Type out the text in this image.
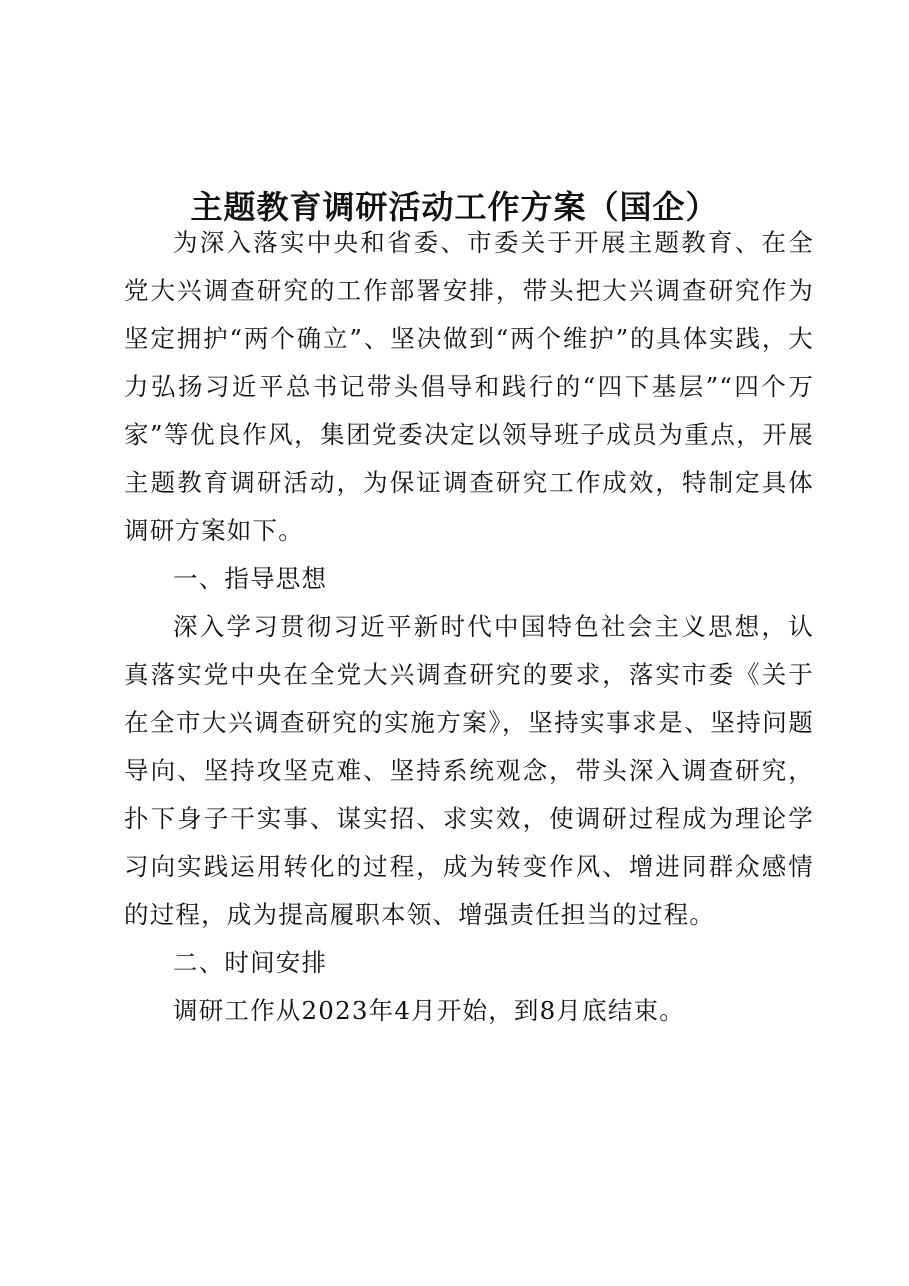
主题教育调研活动工作方案（国企）

为深入落实中央和省委、市委关于开展主题教育、在全党大兴调查研究的工作部署安排，带头把大兴调查研究作为坚定拥护“两个确立”、坚决做到“两个维护”的具体实践，大力弘扬习近平总书记带头倡导和践行的“四下基层”“四个万家”等优良作风，集团党委决定以领导班子成员为重点，开展主题教育调研活动，为保证调查研究工作成效，特制定具体调研方案如下。

一、指导思想

深入学习贯彻习近平新时代中国特色社会主义思想，认真落实党中央在全党大兴调查研究的要求，落实市委《关于在全市大兴调查研究的实施方案》，坚持实事求是、坚持问题导向、坚持攻坚克难、坚持系统观念，带头深入调查研究，扑下身子干实事、谋实招、求实效，使调研过程成为理论学习向实践运用转化的过程，成为转变作风、增进同群众感情的过程，成为提高履职本领、增强责任担当的过程。

二、时间安排

调研工作从2023年4月开始，到8月底结束。
